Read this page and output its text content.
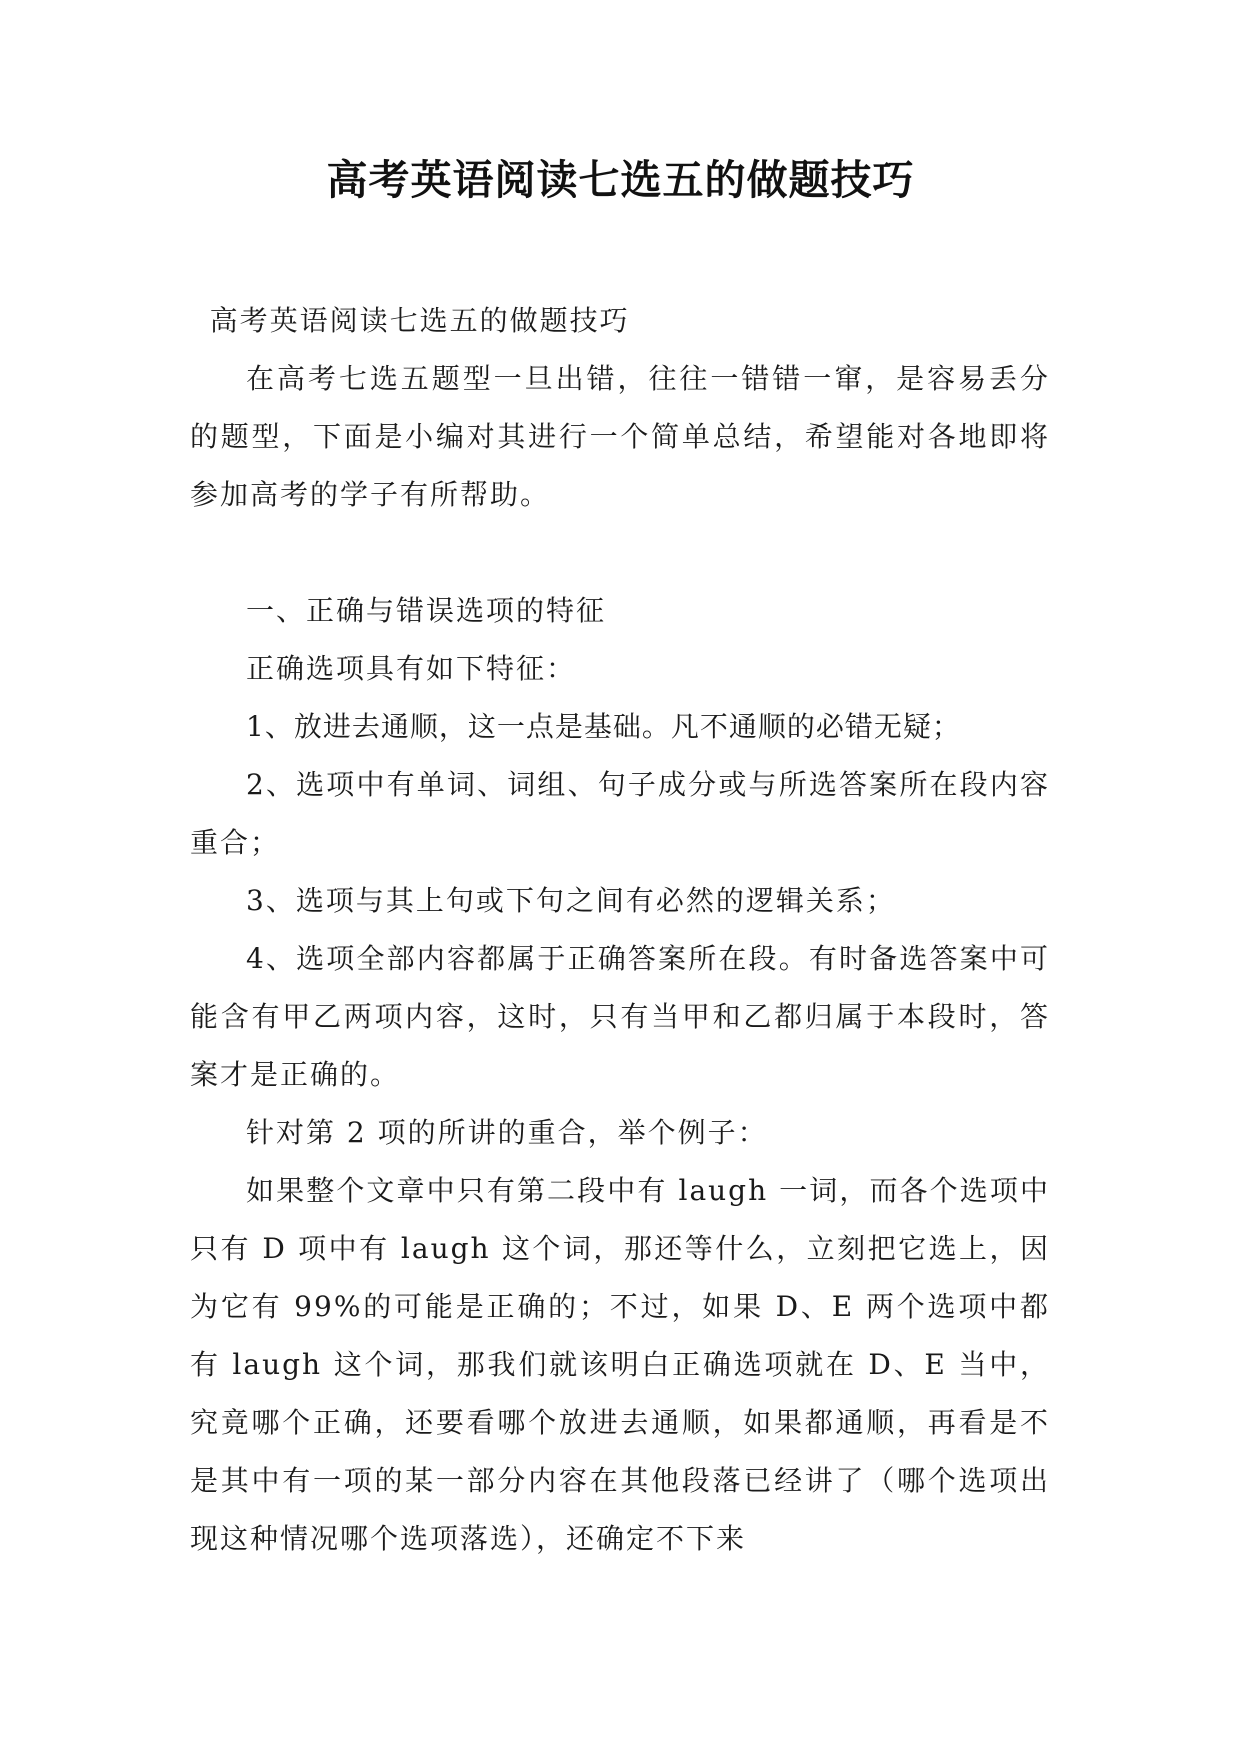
高考英语阅读七选五的做题技巧

高考英语阅读七选五的做题技巧

在高考七选五题型一旦出错，往往一错错一窜，是容易丢分的题型，下面是小编对其进行一个简单总结，希望能对各地即将参加高考的学子有所帮助。

一、正确与错误选项的特征

正确选项具有如下特征：

1、放进去通顺，这一点是基础。凡不通顺的必错无疑；

2、选项中有单词、词组、句子成分或与所选答案所在段内容重合；

3、选项与其上句或下句之间有必然的逻辑关系；

4、选项全部内容都属于正确答案所在段。有时备选答案中可能含有甲乙两项内容，这时，只有当甲和乙都归属于本段时，答案才是正确的。

针对第 2 项的所讲的重合，举个例子：

如果整个文章中只有第二段中有 laugh 一词，而各个选项中只有 D 项中有 laugh 这个词，那还等什么，立刻把它选上，因为它有 99%的可能是正确的；不过，如果 D、E 两个选项中都有 laugh 这个词，那我们就该明白正确选项就在 D、E 当中，究竟哪个正确，还要看哪个放进去通顺，如果都通顺，再看是不是其中有一项的某一部分内容在其他段落已经讲了（哪个选项出现这种情况哪个选项落选），还确定不下来
